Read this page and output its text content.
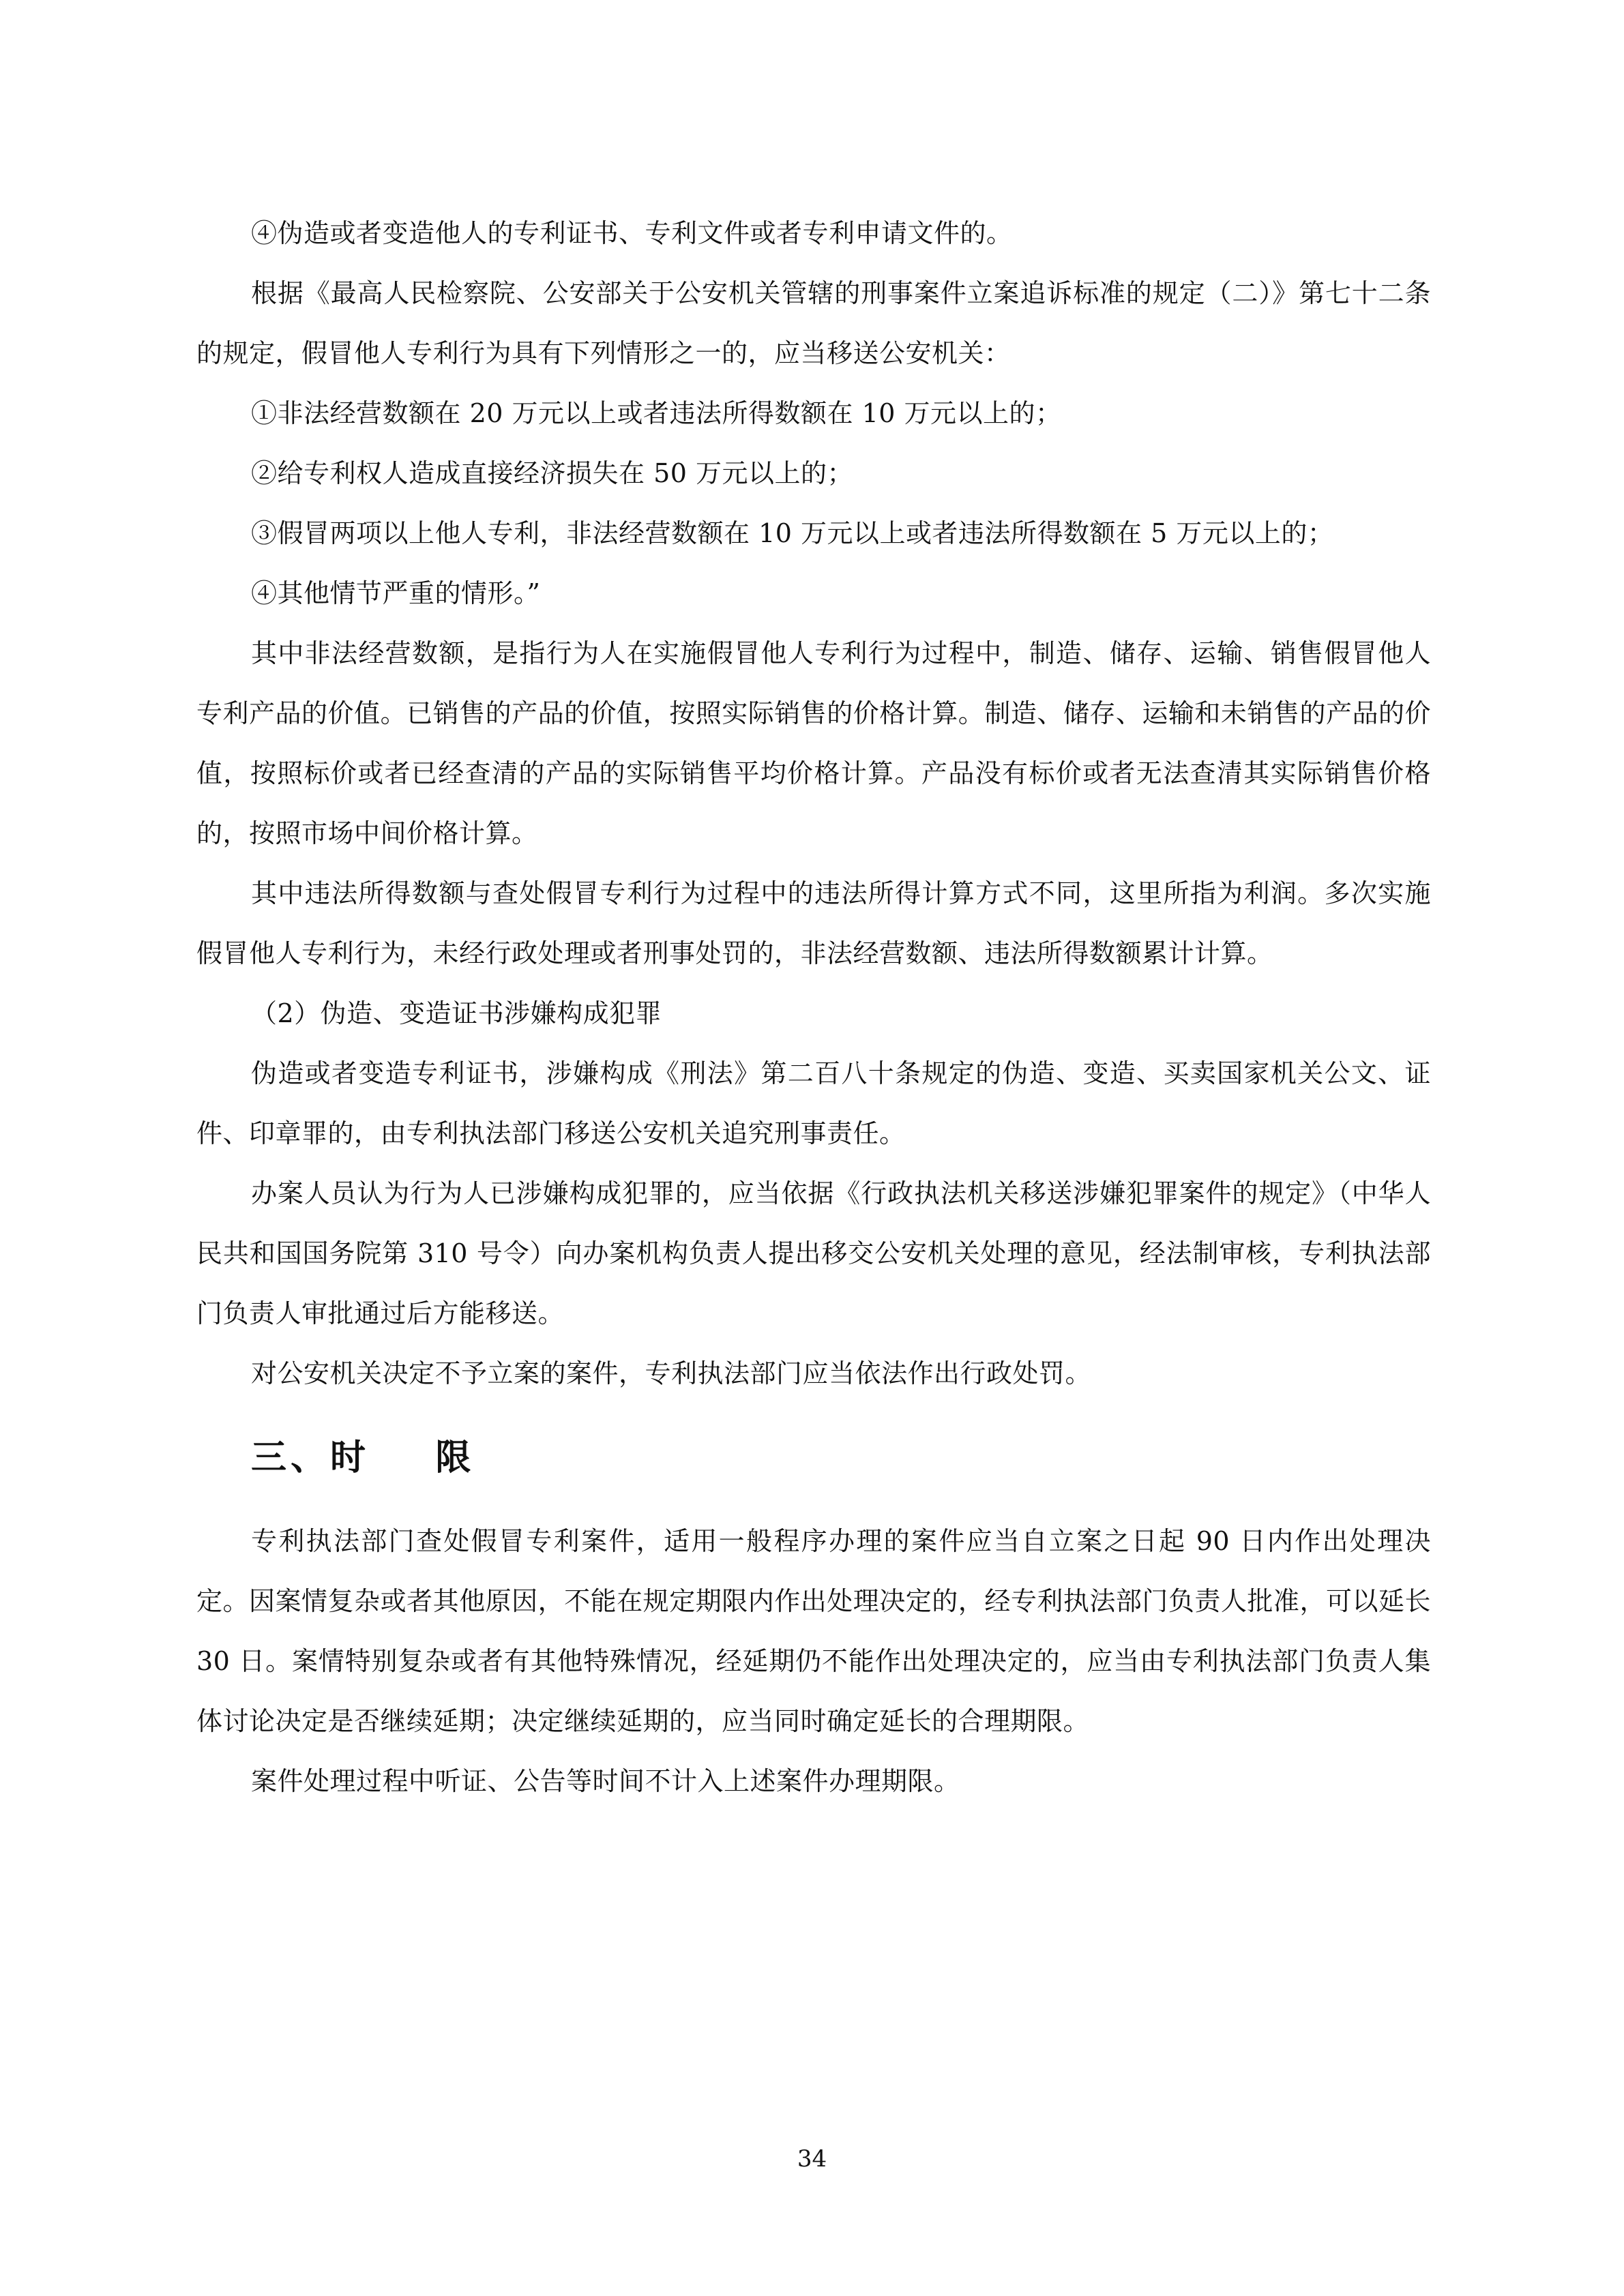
④伪造或者变造他人的专利证书、专利文件或者专利申请文件的。

根据《最高人民检察院、公安部关于公安机关管辖的刑事案件立案追诉标准的规定（二）》第七十二条的规定，假冒他人专利行为具有下列情形之一的，应当移送公安机关：

①非法经营数额在 20 万元以上或者违法所得数额在 10 万元以上的；

②给专利权人造成直接经济损失在 50 万元以上的；

③假冒两项以上他人专利，非法经营数额在 10 万元以上或者违法所得数额在 5 万元以上的；

④其他情节严重的情形。”

其中非法经营数额，是指行为人在实施假冒他人专利行为过程中，制造、储存、运输、销售假冒他人专利产品的价值。已销售的产品的价值，按照实际销售的价格计算。制造、储存、运输和未销售的产品的价值，按照标价或者已经查清的产品的实际销售平均价格计算。产品没有标价或者无法查清其实际销售价格的，按照市场中间价格计算。

其中违法所得数额与查处假冒专利行为过程中的违法所得计算方式不同，这里所指为利润。多次实施假冒他人专利行为，未经行政处理或者刑事处罚的，非法经营数额、违法所得数额累计计算。

（2）伪造、变造证书涉嫌构成犯罪

伪造或者变造专利证书，涉嫌构成《刑法》第二百八十条规定的伪造、变造、买卖国家机关公文、证件、印章罪的，由专利执法部门移送公安机关追究刑事责任。

办案人员认为行为人已涉嫌构成犯罪的，应当依据《行政执法机关移送涉嫌犯罪案件的规定》（中华人民共和国国务院第 310 号令）向办案机构负责人提出移交公安机关处理的意见，经法制审核，专利执法部门负责人审批通过后方能移送。

对公安机关决定不予立案的案件，专利执法部门应当依法作出行政处罚。

三、时    限

专利执法部门查处假冒专利案件，适用一般程序办理的案件应当自立案之日起 90 日内作出处理决定。因案情复杂或者其他原因，不能在规定期限内作出处理决定的，经专利执法部门负责人批准，可以延长 30 日。案情特别复杂或者有其他特殊情况，经延期仍不能作出处理决定的，应当由专利执法部门负责人集体讨论决定是否继续延期；决定继续延期的，应当同时确定延长的合理期限。

案件处理过程中听证、公告等时间不计入上述案件办理期限。

34
